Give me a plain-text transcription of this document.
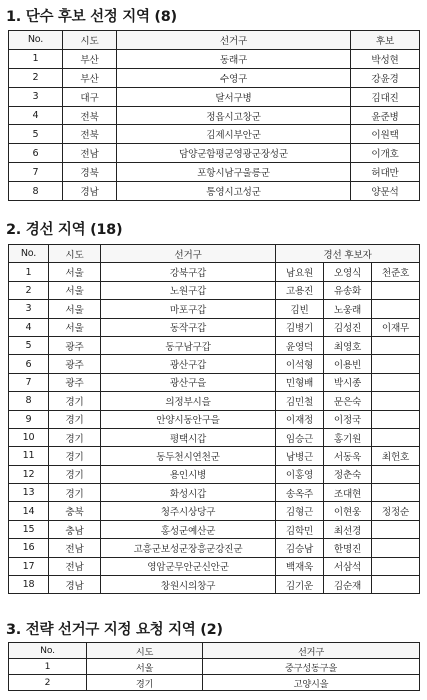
1. 단수 후보 선정 지역 (8)
No.	시도	선거구	후보
1	부산	동래구	박성현
2	부산	수영구	강윤경
3	대구	달서구병	김대진
4	전북	정읍시고창군	윤준병
5	전북	김제시부안군	이원택
6	전남	담양군함평군영광군장성군	이개호
7	경북	포항시남구울릉군	허대만
8	경남	통영시고성군	양문석
2. 경선 지역 (18)
No.	시도	선거구	경선 후보자		
1	서울	강북구갑	남요원	오영식	천준호
2	서울	노원구갑	고용진	유송화	
3	서울	마포구갑	김빈	노웅래	
4	서울	동작구갑	김병기	김성진	이재무
5	광주	동구남구갑	윤영덕	최영호	
6	광주	광산구갑	이석형	이용빈	
7	광주	광산구을	민형배	박시종	
8	경기	의정부시을	김민철	문은숙	
9	경기	안양시동안구을	이재정	이정국	
10	경기	평택시갑	임승근	홍기원	
11	경기	동두천시연천군	남병근	서동욱	최헌호
12	경기	용인시병	이홍영	정춘숙	
13	경기	화성시갑	송옥주	조대현	
14	충북	청주시상당구	김형근	이현웅	정정순
15	충남	홍성군예산군	김학민	최선경	
16	전남	고흥군보성군장흥군강진군	김승남	한명진	
17	전남	영암군무안군신안군	백재욱	서삼석	
18	경남	창원시의창구	김기운	김순재	
3. 전략 선거구 지정 요청 지역 (2)
No.	시도	선거구
1	서울	중구성동구을
2	경기	고양시을
